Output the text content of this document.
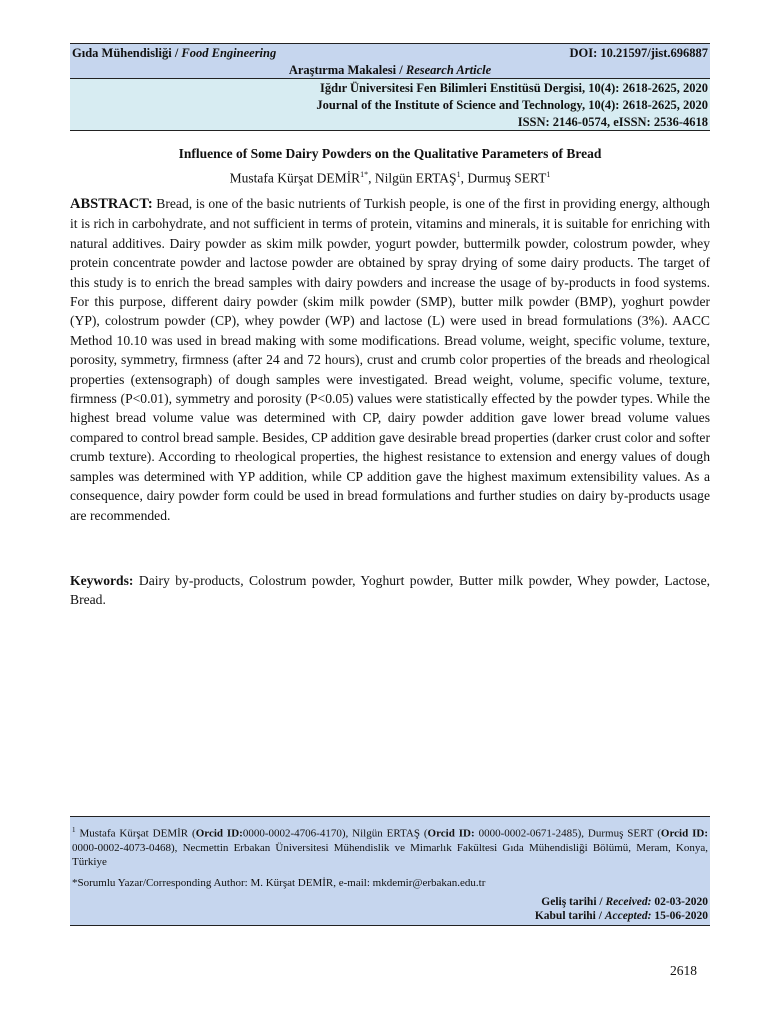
Gıda Mühendisliği / Food Engineering	DOI: 10.21597/jist.696887
Araştırma Makalesi / Research Article
Iğdır Üniversitesi Fen Bilimleri Enstitüsü Dergisi, 10(4): 2618-2625, 2020
Journal of the Institute of Science and Technology, 10(4): 2618-2625, 2020
ISSN: 2146-0574, eISSN: 2536-4618
Influence of Some Dairy Powders on the Qualitative Parameters of Bread
Mustafa Kürşat $DEMİR^{1*}$, Nilgün ERTAŞ$^1$, Durmuş SERT$^1$

ABSTRACT: Bread, is one of the basic nutrients of Turkish people, is one of the first in providing energy, although it is rich in carbohydrate, and not sufficient in terms of protein, vitamins and minerals, it is suitable for enriching with natural additives. Dairy powder as skim milk powder, yogurt powder, buttermilk powder, colostrum powder, whey protein concentrate powder and lactose powder are obtained by spray drying of some dairy products. The target of this study is to enrich the bread samples with dairy powders and increase the usage of by-products in food systems. For this purpose, different dairy powder (skim milk powder (SMP), butter milk powder (BMP), yoghurt powder (YP), colostrum powder (CP), whey powder (WP) and lactose (L) were used in bread formulations (3%). AACC Method 10.10 was used in bread making with some modifications. Bread volume, weight, specific volume, texture, porosity, symmetry, firmness (after 24 and 72 hours), crust and crumb color properties of the breads and rheological properties (extensograph) of dough samples were investigated. Bread weight, volume, specific volume, texture, firmness (P<0.01), symmetry and porosity (P<0.05) values were statistically effected by the powder types. While the highest bread volume value was determined with CP, dairy powder addition gave lower bread volume values compared to control bread sample. Besides, CP addition gave desirable bread properties (darker crust color and softer crumb texture). According to rheological properties, the highest resistance to extension and energy values of dough samples was determined with YP addition, while CP addition gave the highest maximum extensibility values. As a consequence, dairy powder form could be used in bread formulations and further studies on dairy by-products usage are recommended.

Keywords: Dairy by-products, Colostrum powder, Yoghurt powder, Butter milk powder, Whey powder, Lactose, Bread.

$^1$ Mustafa Kürşat DEMİR (Orcid ID:0000-0002-4706-4170), Nilgün ERTAŞ (Orcid ID: 0000-0002-0671-2485), Durmuş SERT (Orcid ID: 0000-0002-4073-0468), Necmettin Erbakan Üniversitesi Mühendislik ve Mimarlık Fakültesi Gıda Mühendisliği Bölümü, Meram, Konya, Türkiye
*Sorumlu Yazar/Corresponding Author: M. Kürşat DEMİR, e-mail: mkdemir@erbakan.edu.tr
Geliş tarihi / Received: 02-03-2020
Kabul tarihi / Accepted: 15-06-2020
2618
